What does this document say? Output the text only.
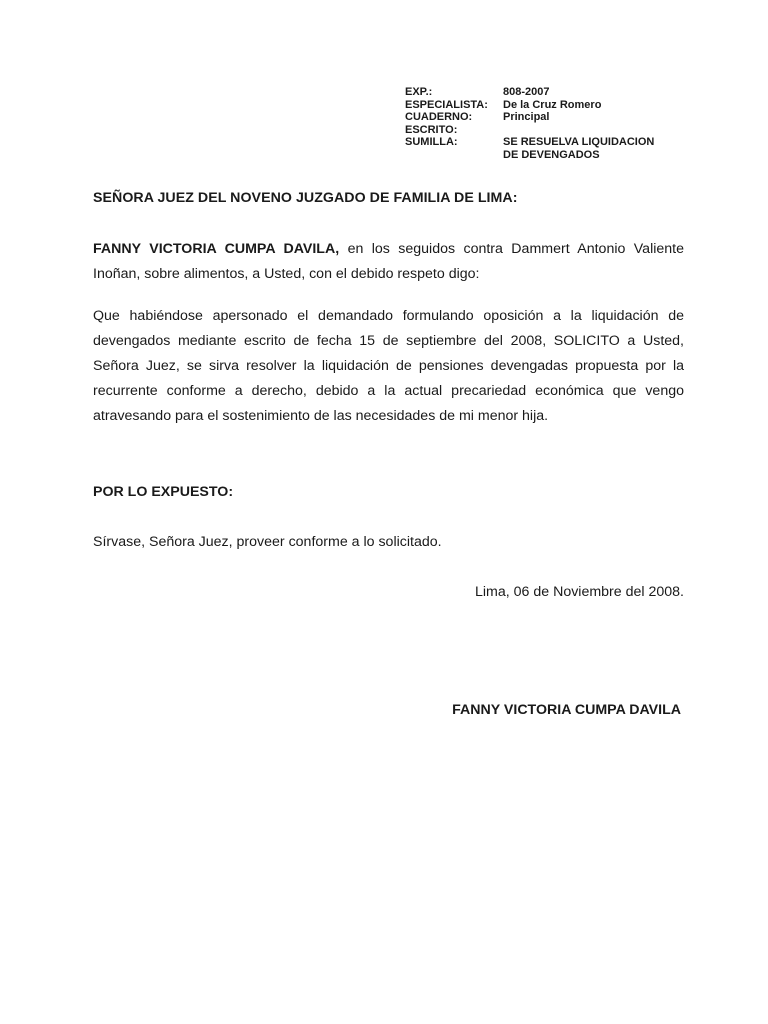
EXP.:	808-2007
ESPECIALISTA:	De la Cruz Romero
CUADERNO:	Principal
ESCRITO:	
SUMILLA:	SE RESUELVA LIQUIDACION
	DE DEVENGADOS
SEÑORA JUEZ DEL NOVENO JUZGADO DE FAMILIA DE LIMA:

FANNY VICTORIA CUMPA DAVILA, en los seguidos contra Dammert Antonio Valiente Inoñan, sobre alimentos, a Usted, con el debido respeto digo:

Que habiéndose apersonado el demandado formulando oposición a la liquidación de devengados mediante escrito de fecha 15 de septiembre del 2008, SOLICITO a Usted, Señora Juez, se sirva resolver la liquidación de pensiones devengadas propuesta por la recurrente conforme a derecho, debido a la actual precariedad económica que vengo atravesando para el sostenimiento de las necesidades de mi menor hija.

POR LO EXPUESTO:
Sírvase, Señora Juez, proveer conforme a lo solicitado.
Lima, 06 de Noviembre del 2008.
FANNY VICTORIA CUMPA DAVILA
